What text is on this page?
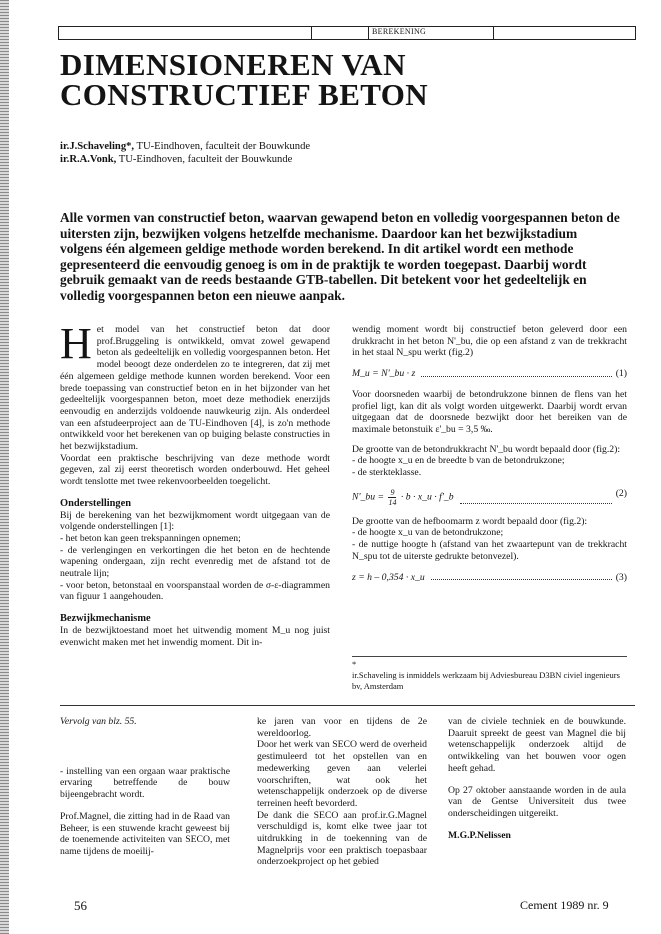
BEREKENING
DIMENSIONEREN VAN
CONSTRUCTIEF BETON
ir.J.Schaveling*, TU-Eindhoven, faculteit der Bouwkunde
ir.R.A.Vonk, TU-Eindhoven, faculteit der Bouwkunde

Alle vormen van constructief beton, waarvan gewapend beton en volledig voorgespannen beton de uitersten zijn, bezwijken volgens hetzelfde mechanisme. Daardoor kan het bezwijkstadium volgens één algemeen geldige methode worden berekend. In dit artikel wordt een methode gepresenteerd die eenvoudig genoeg is om in de praktijk te worden toegepast. Daarbij wordt gebruik gemaakt van de reeds bestaande GTB-tabellen. Dit betekent voor het gedeeltelijk en volledig voorgespannen beton een nieuwe aanpak.

Het model van het constructief beton dat door prof.Bruggeling is ontwikkeld, omvat zowel gewapend beton als gedeeltelijk en volledig voorgespannen beton. Het model beoogt deze onderdelen zo te integreren, dat zij met één algemeen geldige methode kunnen worden berekend. Voor een brede toepassing van constructief beton en in het bijzonder van het gedeeltelijk voorgespannen beton, moet deze methodiek enerzijds eenvoudig en anderzijds voldoende nauwkeurig zijn. Als onderdeel van een afstudeerproject aan de TU-Eindhoven [4], is zo'n methode ontwikkeld voor het berekenen van op buiging belaste constructies in het bezwijkstadium.

Voordat een praktische beschrijving van deze methode wordt gegeven, zal zij eerst theoretisch worden onderbouwd. Het geheel wordt tenslotte met twee rekenvoorbeelden toegelicht.

Onderstellingen

Bij de berekening van het bezwijkmoment wordt uitgegaan van de volgende onderstellingen [1]:

- het beton kan geen trekspanningen opnemen;

- de verlengingen en verkortingen die het beton en de hechtende wapening ondergaan, zijn recht evenredig met de afstand tot de neutrale lijn;

- voor beton, betonstaal en voorspanstaal worden de σ-ε-diagrammen van figuur 1 aangehouden.

Bezwijkmechanisme

In de bezwijktoestand moet het uitwendig moment M_u nog juist evenwicht maken met het inwendig moment. Dit in-

wendig moment wordt bij constructief beton geleverd door een drukkracht in het beton N'_bu, die op een afstand z van de trekkracht in het staal N_spu werkt (fig.2)

M_u = N'_bu · z	(1)

Voor doorsneden waarbij de betondrukzone binnen de flens van het profiel ligt, kan dit als volgt worden uitgewerkt. Daarbij wordt ervan uitgegaan dat de doorsnede bezwijkt door het bereiken van de maximale betonstuik ε'_bu = 3,5 ‰.

De grootte van de betondrukkracht N'_bu wordt bepaald door (fig.2):

- de hoogte x_u en de breedte b van de betondrukzone;

- de sterkteklasse.

N'_bu = $\frac{9}{14} \cdot b$ · x_u · f'_b	(2)

De grootte van de hefboomarm z wordt bepaald door (fig.2):

- de hoogte x_u van de betondrukzone;

- de nuttige hoogte h (afstand van het zwaartepunt van de trekkracht N_spu tot de uiterste gedrukte betonvezel).

z = h – 0,354 · x_u	(3)
*
ir.Schaveling is inmiddels werkzaam bij Adviesbureau D3BN civiel ingenieurs bv, Amsterdam

Vervolg van blz. 55.

- instelling van een orgaan waar praktische ervaring betreffende de bouw bijeengebracht wordt.

Prof.Magnel, die zitting had in de Raad van Beheer, is een stuwende kracht geweest bij de toenemende activiteiten van SECO, met name tijdens de moeilij-

ke jaren van voor en tijdens de 2e wereldoorlog.

Door het werk van SECO werd de overheid gestimuleerd tot het opstellen van en medewerking geven aan velerlei voorschriften, wat ook het wetenschappelijk onderzoek op de diverse terreinen heeft bevorderd.

De dank die SECO aan prof.ir.G.Magnel verschuldigd is, komt elke twee jaar tot uitdrukking in de toekenning van de Magnelprijs voor een praktisch toepasbaar onderzoekproject op het gebied

van de civiele techniek en de bouwkunde. Daaruit spreekt de geest van Magnel die bij wetenschappelijk onderzoek altijd de ontwikkeling van het bouwen voor ogen heeft gehad.

Op 27 oktober aanstaande worden in de aula van de Gentse Universiteit dus twee onderscheidingen uitgereikt.

M.G.P.Nelissen

56	Cement 1989 nr. 9
